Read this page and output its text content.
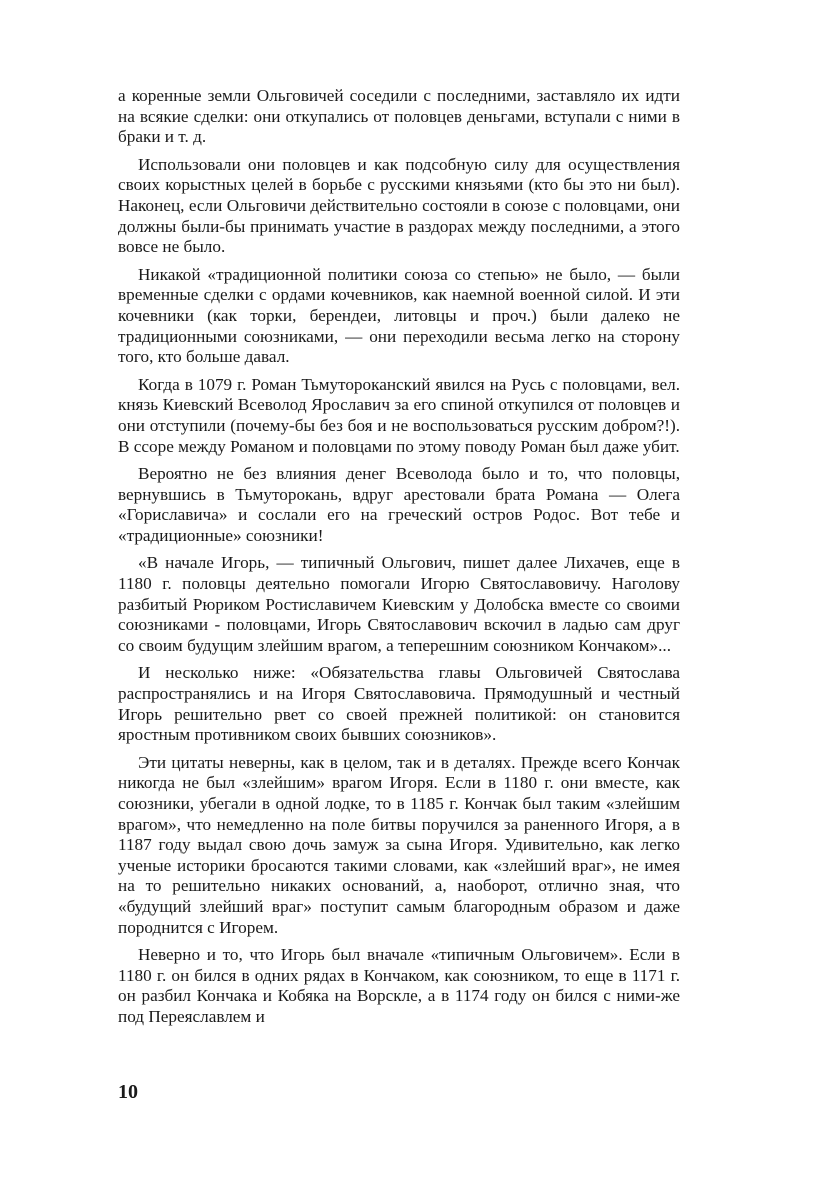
а коренные земли Ольговичей соседили с последними, заставляло их идти на всякие сделки: они откупались от половцев деньгами, вступали с ними в браки и т. д.

Использовали они половцев и как подсобную силу для осуществления своих корыстных целей в борьбе с русскими князьями (кто бы это ни был). Наконец, если Ольговичи действительно состояли в союзе с половцами, они должны были-бы принимать участие в раздорах между последними, а этого вовсе не было.

Никакой «традиционной политики союза со степью» не было, — были временные сделки с ордами кочевников, как наемной военной силой. И эти кочевники (как торки, берендеи, литовцы и проч.) были далеко не традиционными союзниками, — они переходили весьма легко на сторону того, кто больше давал.

Когда в 1079 г. Роман Тьмутороканский явился на Русь с половцами, вел. князь Киевский Всеволод Ярославич за его спиной откупился от половцев и они отступили (почему-бы без боя и не воспользоваться русским добром?!). В ссоре между Романом и половцами по этому поводу Роман был даже убит.

Вероятно не без влияния денег Всеволода было и то, что половцы, вернувшись в Тьмуторокань, вдруг арестовали брата Романа — Олега «Гориславича» и сослали его на греческий остров Родос. Вот тебе и «традиционные» союзники!

«В начале Игорь, — типичный Ольгович, пишет далее Лихачев, еще в 1180 г. половцы деятельно помогали Игорю Святославовичу. Наголову разбитый Рюриком Ростиславичем Киевским у Долобска вместе со своими союзниками - половцами, Игорь Святославович вскочил в ладью сам друг со своим будущим злейшим врагом, а теперешним союзником Кончаком»...

И несколько ниже: «Обязательства главы Ольговичей Святослава распространялись и на Игоря Святославовича. Прямодушный и честный Игорь решительно рвет со своей прежней политикой: он становится яростным противником своих бывших союзников».

Эти цитаты неверны, как в целом, так и в деталях. Прежде всего Кончак никогда не был «злейшим» врагом Игоря. Если в 1180 г. они вместе, как союзники, убегали в одной лодке, то в 1185 г. Кончак был таким «злейшим врагом», что немедленно на поле битвы поручился за раненного Игоря, а в 1187 году выдал свою дочь замуж за сына Игоря. Удивительно, как легко ученые историки бросаются такими словами, как «злейший враг», не имея на то решительно никаких оснований, а, наоборот, отлично зная, что «будущий злейший враг» поступит самым благородным образом и даже породнится с Игорем.

Неверно и то, что Игорь был вначале «типичным Ольговичем». Если в 1180 г. он бился в одних рядах в Кончаком, как союзником, то еще в 1171 г. он разбил Кончака и Кобяка на Ворскле, а в 1174 году он бился с ними-же под Переяславлем и

10
